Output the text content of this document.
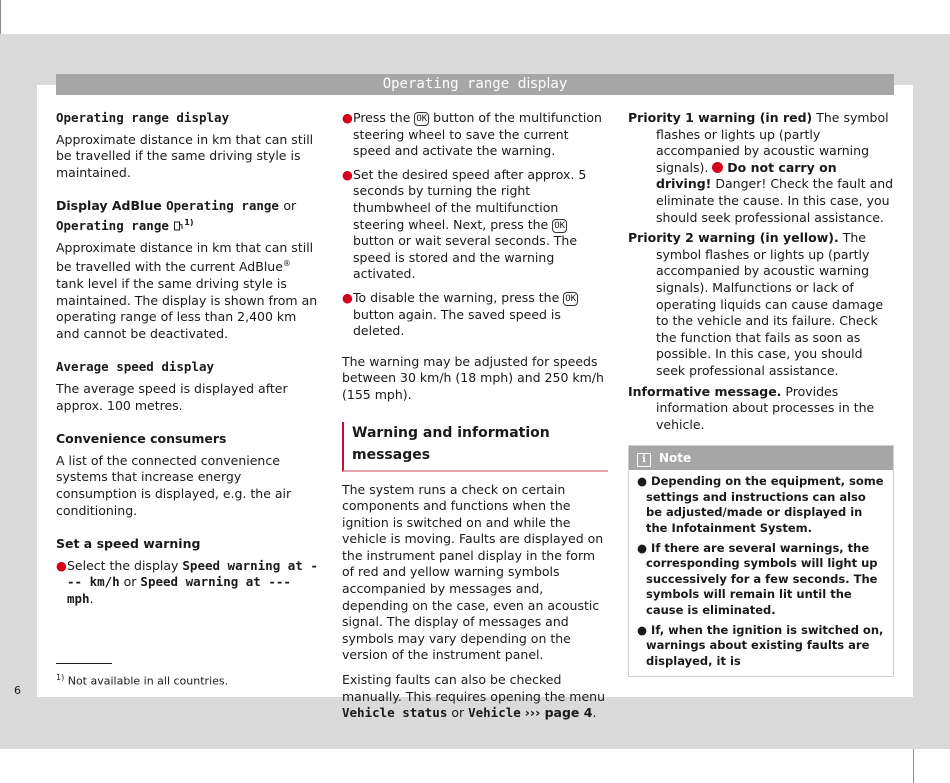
Operating range display
Operating range display

Approximate distance in km that can still be travelled if the same driving style is maintained.

Display AdBlue Operating range or Operating range $^{1)}$

Approximate distance in km that can still be travelled with the current AdBlue® tank level if the same driving style is maintained. The display is shown from an operating range of less than 2,400 km and cannot be deactivated.

Average speed display

The average speed is displayed after approx. 100 metres.

Convenience consumers

A list of the connected convenience systems that increase energy consumption is displayed, e.g. the air conditioning.

Set a speed warning
● Select the display Speed warning at --- km/h or Speed warning at --- mph.
● Press the OK button of the multifunction steering wheel to save the current speed and activate the warning.
● Set the desired speed after approx. 5 seconds by turning the right thumbwheel of the multifunction steering wheel. Next, press the OK button or wait several seconds. The speed is stored and the warning activated.
● To disable the warning, press the OK button again. The saved speed is deleted.

The warning may be adjusted for speeds between 30 km/h (18 mph) and 250 km/h (155 mph).

Warning and information messages

The system runs a check on certain components and functions when the ignition is switched on and while the vehicle is moving. Faults are displayed on the instrument panel display in the form of red and yellow warning symbols accompanied by messages and, depending on the case, even an acoustic signal. The display of messages and symbols may vary depending on the version of the instrument panel.

Existing faults can also be checked manually. This requires opening the menu Vehicle status or Vehicle ››› page 4.

Priority 1 warning (in red) The symbol flashes or lights up (partly accompanied by acoustic warning signals).  Do not carry on driving! Danger! Check the fault and eliminate the cause. In this case, you should seek professional assistance.
Priority 2 warning (in yellow). The symbol flashes or lights up (partly accompanied by acoustic warning signals). Malfunctions or lack of operating liquids can cause damage to the vehicle and its failure. Check the function that fails as soon as possible. In this case, you should seek professional assistance.
Informative message. Provides information about processes in the vehicle.
i Note
● Depending on the equipment, some settings and instructions can also be adjusted/made or displayed in the Infotainment System.
● If there are several warnings, the corresponding symbols will light up successively for a few seconds. The symbols will remain lit until the cause is eliminated.
● If, when the ignition is switched on, warnings about existing faults are displayed, it is
$^{1)}$ Not available in all countries.
6
